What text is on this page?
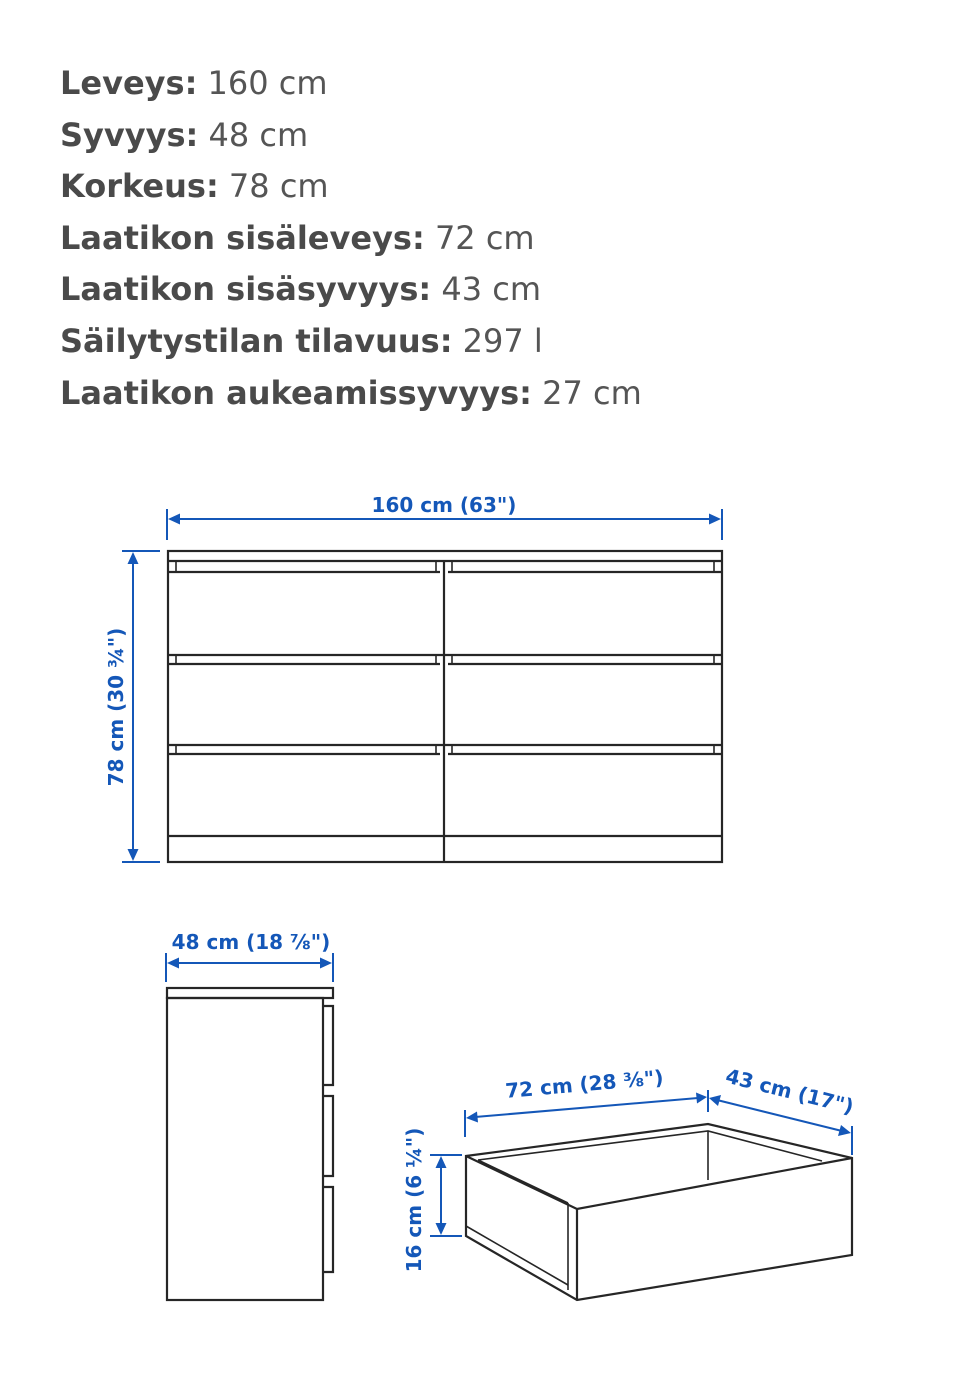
Leveys: 160 cm
Syvyys: 48 cm
Korkeus: 78 cm
Laatikon sisäleveys: 72 cm
Laatikon sisäsyvyys: 43 cm
Säilytystilan tilavuus: 297 l
Laatikon aukeamissyvyys: 27 cm
160 cm (63")
78 cm (30 ¾")
48 cm (18 ⅞")
72 cm (28 ⅜")	43 cm (17")
16 cm (6 ¼")
